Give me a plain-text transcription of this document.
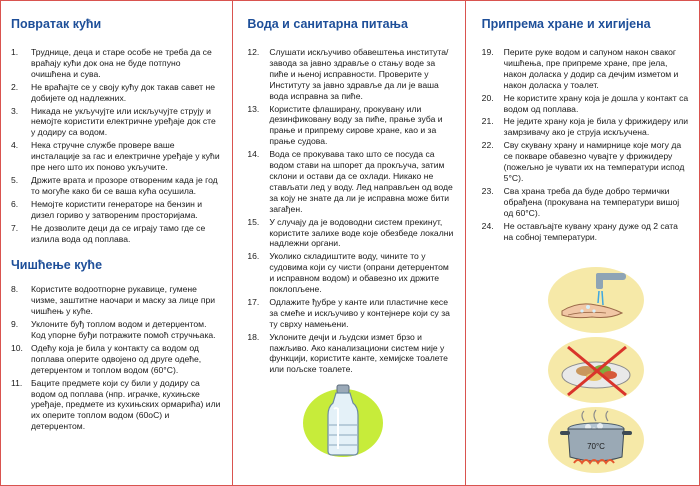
Повратак кући
1. Труднице, деца и старе особе не треба да се враћају кући док она не буде потпуно очишћена и сува.
2. Не враћајте се у своју кућу док такав савет не добијете од надлежних.
3. Никада не укључујте или искључујте струју и немојте користити електричне уређаје док сте у додиру са водом.
4. Нека стручне службе провере ваше инсталације за гас и електричне уређаје у кући пре него што их поново укључите.
5. Држите врата и прозоре отвореним када је год то могуће како би се ваша кућа осушила.
6. Немојте користити генераторе на бензин и дизел гориво у затвореним просторијама.
7. Не дозволите деци да се играју тамо где се излила вода од поплава.
Чишћење куће
8. Користите водоотпорне рукавице, гумене чизме, заштитне наочари и маску за лице при чишћењ у куће.
9. Уклоните буђ топлом водом и детерџентом. Код упорне буђи потражите помоћ стручњака.
10. Одећу која је била у контакту са водом од поплава оперите одвојено од друге одеће, детерџентом и топлом водом (60°C).
11. Баците предмете који су били у додиру са водом од поплава (нпр. играчке, кухињске уређаје, предмете из кухињских ормарића) или их оперите топлом водом (60оС) и детерџентом.
Вода и санитарна питања
12. Слушати искључиво обавештења института/завода за јавно здравље о стању воде за пиће и њеној исправности. Проверите у Институту за јавно здравље да ли је ваша вода исправна за пиће.
13. Користите флаширану, прокувану или дезинфиковану воду за пиће, прање зуба и прање и припрему сирове хране, као и за прање судова.
14. Вода се прокувава тако што се посуда са водом стави на шпорет да прокључа, затим склони и остави да се охлади. Никако не стављати лед у воду. Лед направљен од воде за коју не знате да ли је исправна може бити загађен.
15. У случају да је водоводни систем прекинут, користите залихе воде које обезбеде локални надлежни органи.
16. Уколико складиштите воду, чините то у судовима који су чисти (опрани детерџентом и исправном водом) и обавезно их држите поклопљене.
17. Одлажите ђубре у канте или пластичне кесе за смеће и искључиво у контејнере који су за ту сврху намењени.
18. Уклоните дечји и људски измет брзо и пажљиво. Ако канализациони систем није у функцији, користите канте, хемијске тоалете или пољске тоалете.
Припрема хране и хигијена
19. Перите руке водом и сапуном након сваког чишћења, пре припреме хране, пре јела, након доласка у додир са дечјим изметом и након доласка у тоалет.
20. Не користите храну која је дошла у контакт са водом од поплава.
21. Не једите храну која је била у фрижидеру или замрзивачу ако је струја искључена.
22. Сву скувану храну и намирнице које могу да се покваре обавезно чувајте у фрижидеру (пожељно је чувати их на температури испод 5°C).
23. Сва храна треба да буде добро термички обрађена (прокувана на температури вишој од 60°C).
24. Не остављајте кувану храну дуже од 2 сата на собној температури.
70°C
